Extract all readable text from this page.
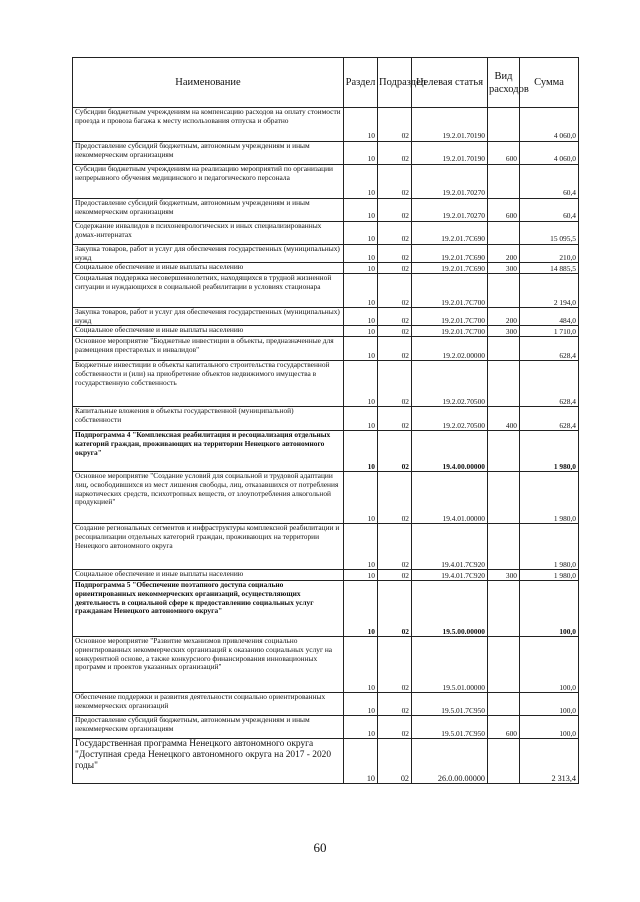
Наименование	Раздел	Подраздел	Целевая статья	Вид расходов	Сумма
Субсидии бюджетным учреждениям на компенсацию расходов на оплату стоимости проезда и провоза багажа к месту использования отпуска и обратно	10	02	19.2.01.70190		4 060,0
Предоставление субсидий бюджетным, автономным учреждениям и иным некоммерческим организациям	10	02	19.2.01.70190	600	4 060,0
Субсидии бюджетным учреждениям на реализацию мероприятий по организации непрерывного обучения медицинского и педагогического персонала	10	02	19.2.01.70270		60,4
Предоставление субсидий бюджетным, автономным учреждениям и иным некоммерческим организациям	10	02	19.2.01.70270	600	60,4
Содержание инвалидов в психоневрологических и иных специализированных домах-интернатах	10	02	19.2.01.7С690		15 095,5
Закупка товаров, работ и услуг для обеспечения государственных (муниципальных) нужд	10	02	19.2.01.7С690	200	210,0
Социальное обеспечение и иные выплаты населению	10	02	19.2.01.7С690	300	14 885,5
Социальная поддержка несовершеннолетних, находящихся в трудной жизненной ситуации и нуждающихся в социальной реабилитации в условиях стационара	10	02	19.2.01.7С700		2 194,0
Закупка товаров, работ и услуг для обеспечения государственных (муниципальных) нужд	10	02	19.2.01.7С700	200	484,0
Социальное обеспечение и иные выплаты населению	10	02	19.2.01.7С700	300	1 710,0
Основное мероприятие "Бюджетные инвестиции в объекты, предназначенные для размещения престарелых и инвалидов"	10	02	19.2.02.00000		628,4
Бюджетные инвестиции в объекты капитального строительства государственной собственности и (или) на приобретение объектов недвижимого имущества в государственную собственность	10	02	19.2.02.70500		628,4
Капитальные вложения в объекты государственной (муниципальной) собственности	10	02	19.2.02.70500	400	628,4
Подпрограмма 4 "Комплексная реабилитация и ресоциализация отдельных категорий граждан, проживающих на территории Ненецкого автономного округа"	10	02	19.4.00.00000		1 980,0
Основное мероприятие "Создание условий для социальной и трудовой адаптации лиц, освободившихся из мест лишения свободы, лиц, отказавшихся от потребления наркотических средств, психотропных веществ, от злоупотребления алкогольной продукцией"	10	02	19.4.01.00000		1 980,0
Создание региональных сегментов и инфраструктуры комплексной реабилитации и ресоциализации отдельных категорий граждан, проживающих на территории Ненецкого автономного округа	10	02	19.4.01.7С920		1 980,0
Социальное обеспечение и иные выплаты населению	10	02	19.4.01.7С920	300	1 980,0
Подпрограмма 5 "Обеспечение поэтапного доступа социально ориентированных некоммерческих организаций, осуществляющих деятельность в социальной сфере к предоставлению социальных услуг гражданам Ненецкого автономного округа"	10	02	19.5.00.00000		100,0
Основное мероприятие "Развитие механизмов привлечения социально ориентированных некоммерческих организаций к оказанию социальных услуг на конкурентной основе, а также конкурсного финансирования инновационных программ и проектов указанных организаций"	10	02	19.5.01.00000		100,0
Обеспечение поддержки и развития деятельности социально ориентированных некоммерческих организаций	10	02	19.5.01.7С950		100,0
Предоставление субсидий бюджетным, автономным учреждениям и иным некоммерческим организациям	10	02	19.5.01.7С950	600	100,0
Государственная программа Ненецкого автономного округа "Доступная среда Ненецкого автономного округа на 2017 - 2020 годы"	10	02	26.0.00.00000		2 313,4
60
